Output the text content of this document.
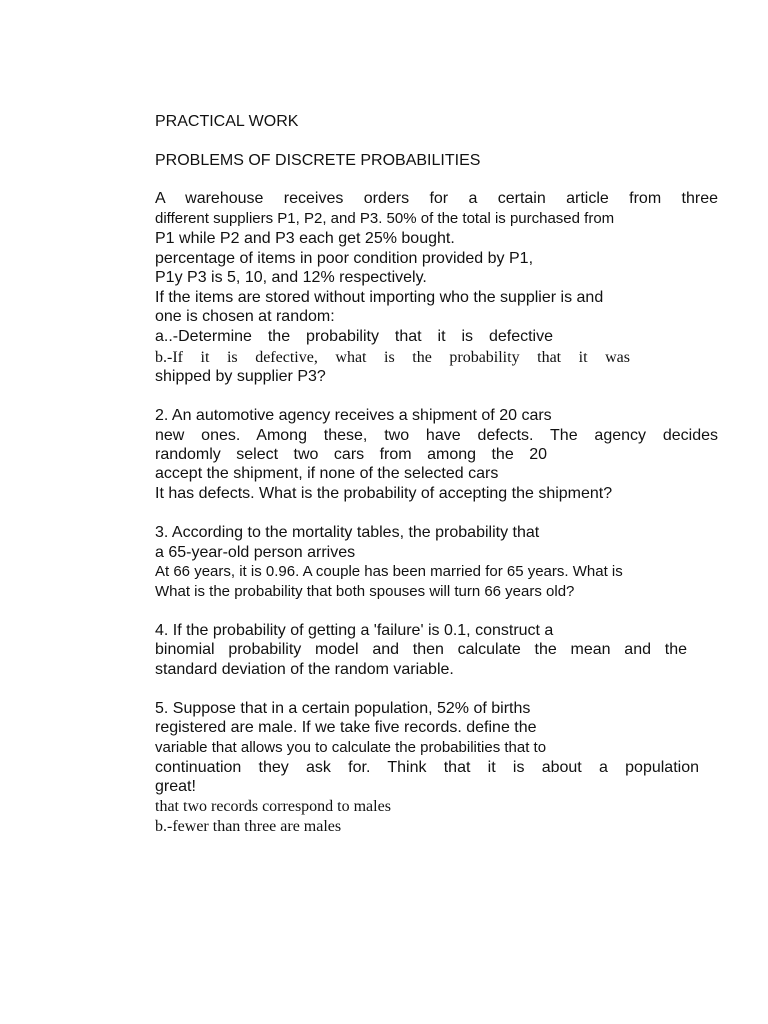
PRACTICAL WORK
PROBLEMS OF DISCRETE PROBABILITIES
A warehouse receives orders for a certain article from three
different suppliers P1, P2, and P3. 50% of the total is purchased from
P1 while P2 and P3 each get 25% bought.
percentage of items in poor condition provided by P1,
P1y P3 is 5, 10, and 12% respectively.
If the items are stored without importing who the supplier is and
one is chosen at random:
a..-Determine the probability that it is defective
b.-If it is defective, what is the probability that it was
shipped by supplier P3?
2. An automotive agency receives a shipment of 20 cars
new ones. Among these, two have defects. The agency decides
randomly select two cars from among the 20
accept the shipment, if none of the selected cars
It has defects. What is the probability of accepting the shipment?
3. According to the mortality tables, the probability that
a 65-year-old person arrives
At 66 years, it is 0.96. A couple has been married for 65 years. What is
What is the probability that both spouses will turn 66 years old?
4. If the probability of getting a 'failure' is 0.1, construct a
binomial probability model and then calculate the mean and the
standard deviation of the random variable.
5. Suppose that in a certain population, 52% of births
registered are male. If we take five records. define the
variable that allows you to calculate the probabilities that to
continuation they ask for. Think that it is about a population
great!
that two records correspond to males
b.-fewer than three are males
